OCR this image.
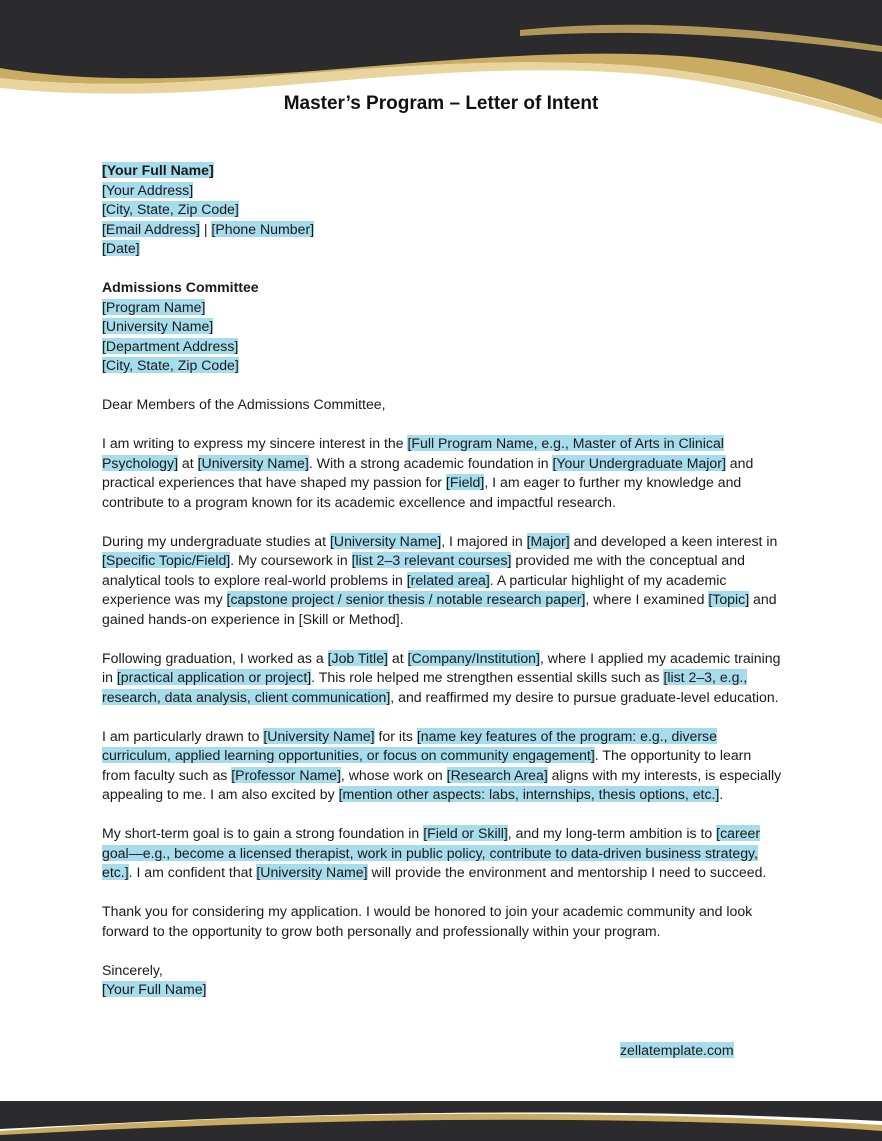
Master’s Program – Letter of Intent
[Your Full Name]
[Your Address]
[City, State, Zip Code]
[Email Address] | [Phone Number]
[Date]
Admissions Committee
[Program Name]
[University Name]
[Department Address]
[City, State, Zip Code]
Dear Members of the Admissions Committee,
I am writing to express my sincere interest in the [Full Program Name, e.g., Master of Arts in Clinical Psychology] at [University Name]. With a strong academic foundation in [Your Undergraduate Major] and practical experiences that have shaped my passion for [Field], I am eager to further my knowledge and contribute to a program known for its academic excellence and impactful research.
During my undergraduate studies at [University Name], I majored in [Major] and developed a keen interest in [Specific Topic/Field]. My coursework in [list 2–3 relevant courses] provided me with the conceptual and analytical tools to explore real-world problems in [related area]. A particular highlight of my academic experience was my [capstone project / senior thesis / notable research paper], where I examined [Topic] and gained hands-on experience in [Skill or Method].
Following graduation, I worked as a [Job Title] at [Company/Institution], where I applied my academic training in [practical application or project]. This role helped me strengthen essential skills such as [list 2–3, e.g., research, data analysis, client communication], and reaffirmed my desire to pursue graduate-level education.
I am particularly drawn to [University Name] for its [name key features of the program: e.g., diverse curriculum, applied learning opportunities, or focus on community engagement]. The opportunity to learn from faculty such as [Professor Name], whose work on [Research Area] aligns with my interests, is especially appealing to me. I am also excited by [mention other aspects: labs, internships, thesis options, etc.].
My short-term goal is to gain a strong foundation in [Field or Skill], and my long-term ambition is to [career goal—e.g., become a licensed therapist, work in public policy, contribute to data-driven business strategy, etc.]. I am confident that [University Name] will provide the environment and mentorship I need to succeed.
Thank you for considering my application. I would be honored to join your academic community and look forward to the opportunity to grow both personally and professionally within your program.
Sincerely,
[Your Full Name]
zellatemplate.com
